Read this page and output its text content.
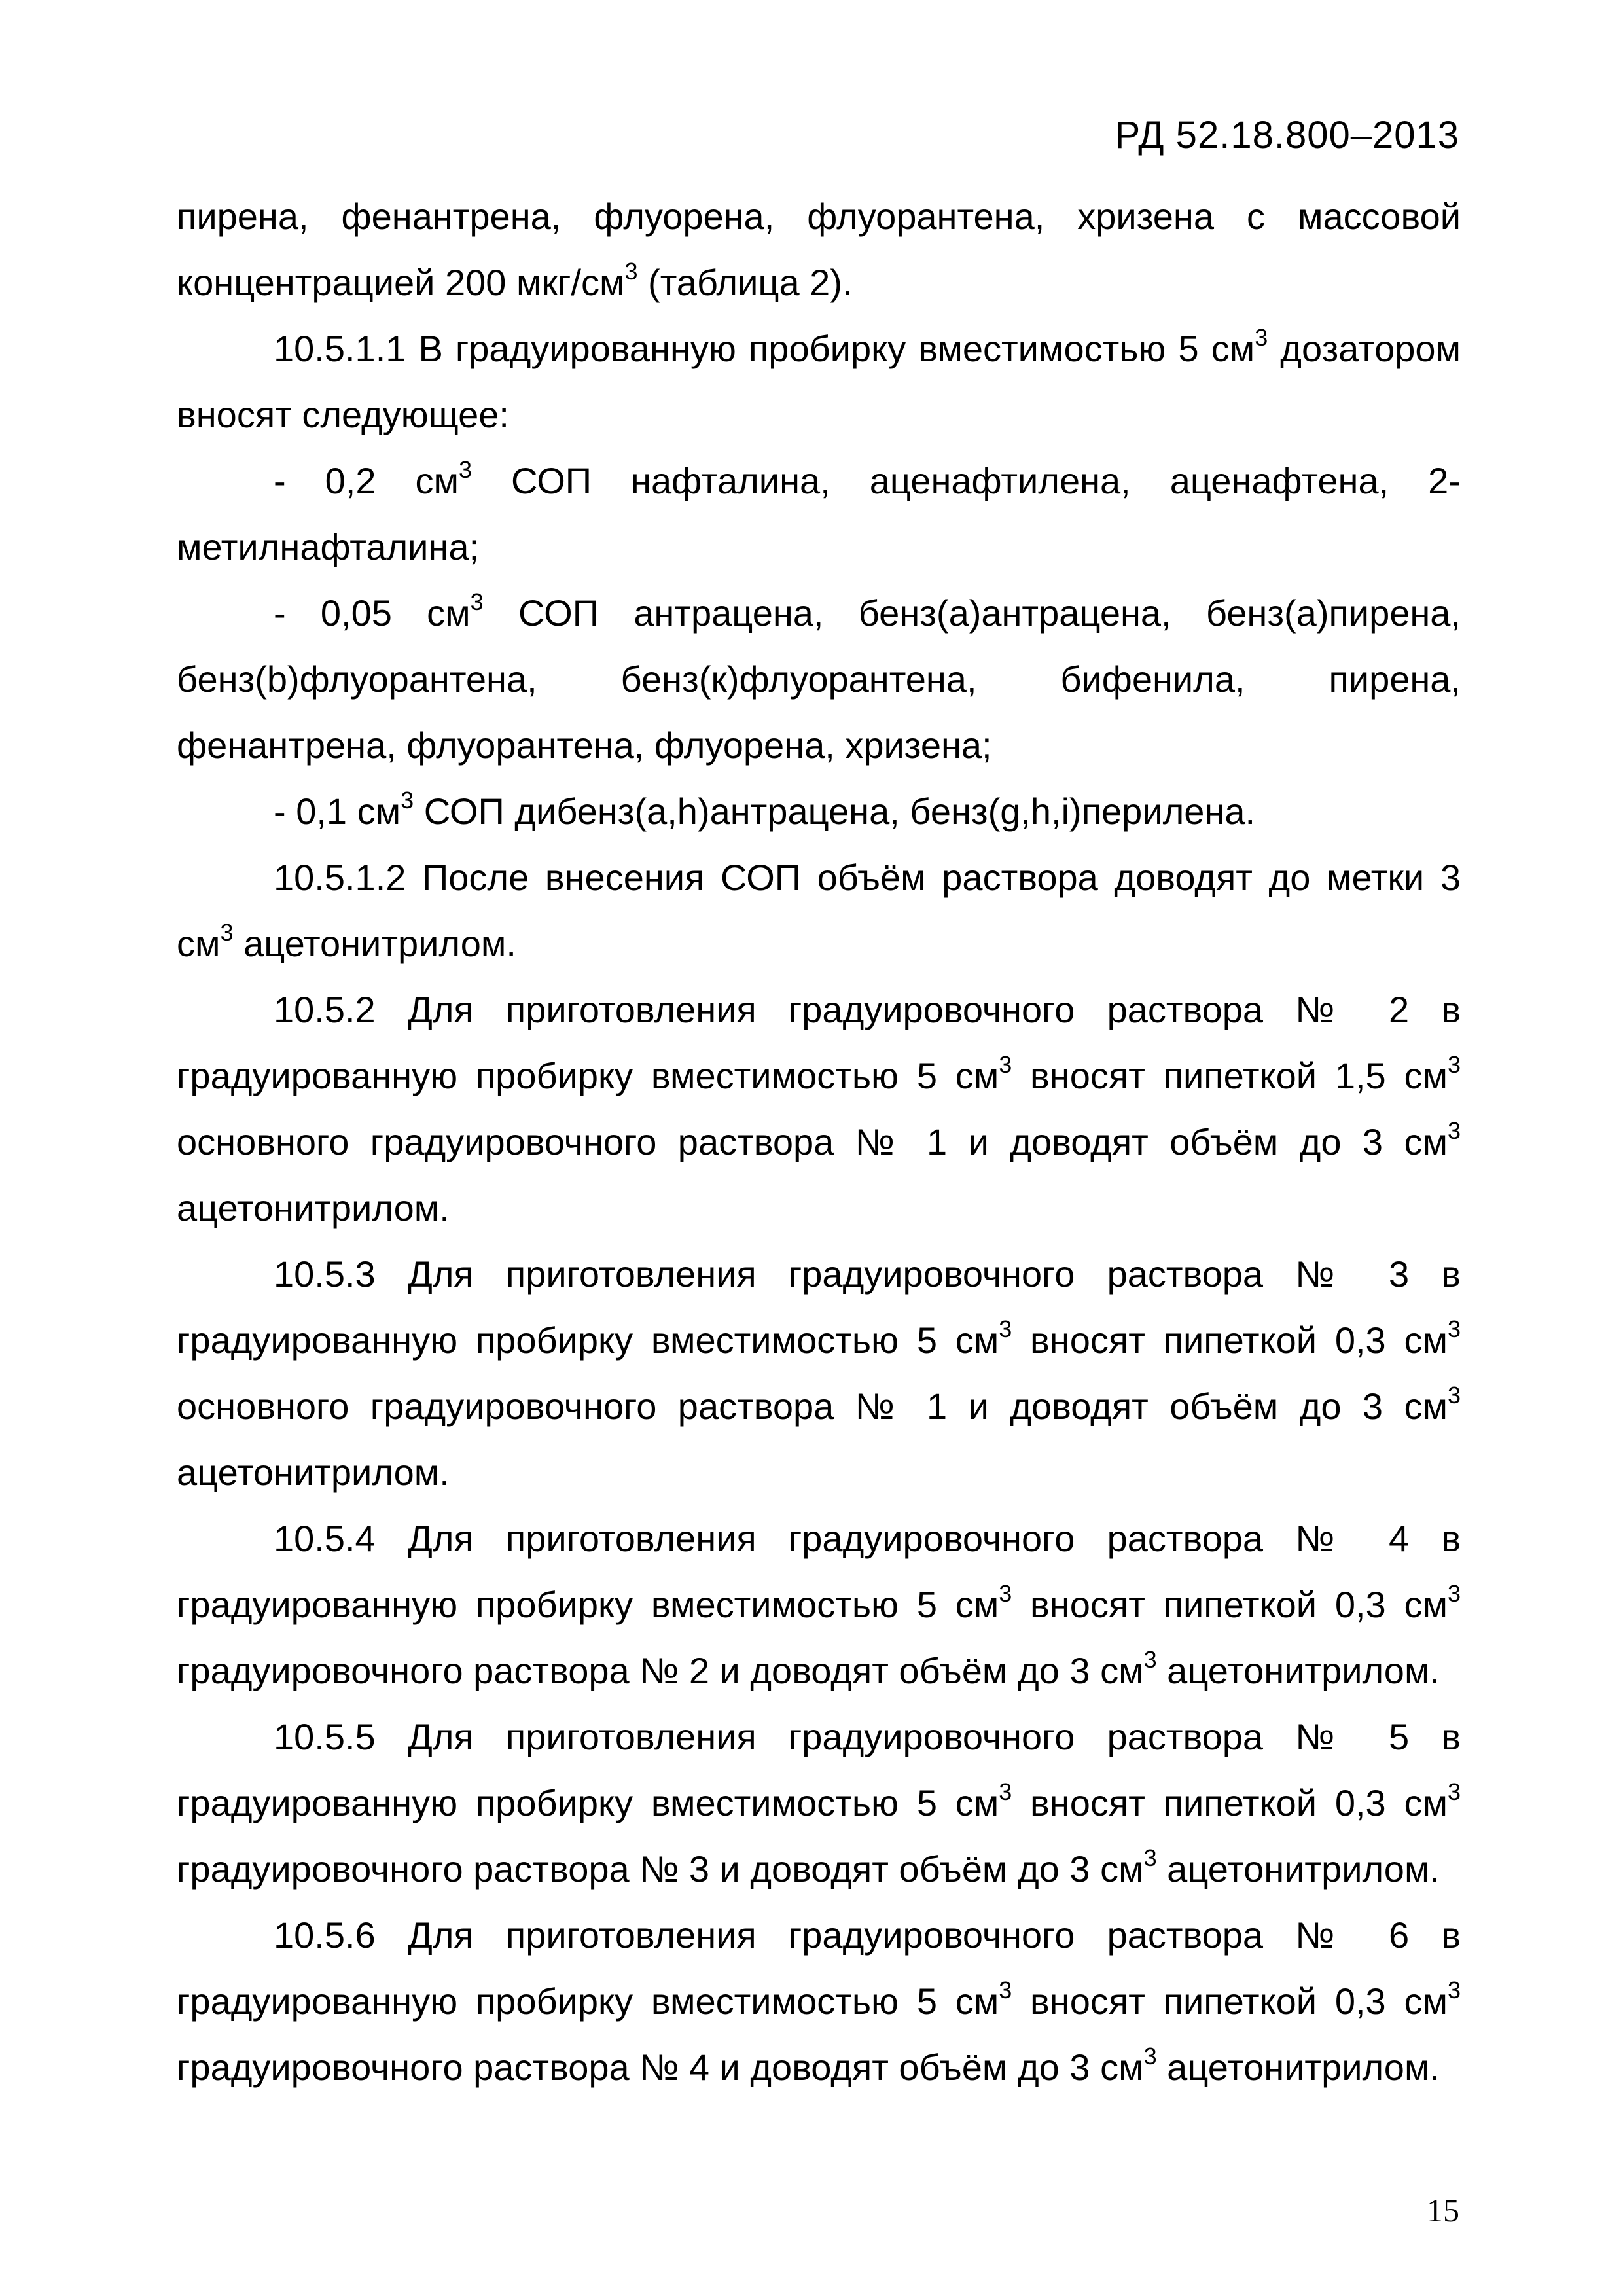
РД 52.18.800–2013

пирена, фенантрена, флуорена, флуорантена, хризена с массовой концентрацией 200 мкг/$см^3$ (таблица 2).

10.5.1.1 В градуированную пробирку вместимостью 5 $см^3$ дозатором вносят следующее:

- 0,2 $см^3$ СОП нафталина, аценафтилена, аценафтена, 2-метилнафталина;

- 0,05 $см^3$ СОП антрацена, бенз(a)антрацена, бенз(a)пирена, бенз(b)флуорантена, бенз(к)флуорантена, бифенила, пирена, фенантрена, флуорантена, флуорена, хризена;

- 0,1 $см^3$ СОП дибенз(a,h)антрацена, бенз(g,h,i)перилена.

10.5.1.2 После внесения СОП объём раствора доводят до метки 3 $см^3$ ацетонитрилом.

10.5.2 Для приготовления градуировочного раствора № 2 в градуированную пробирку вместимостью 5 $см^3$ вносят пипеткой 1,5 $см^3$ основного градуировочного раствора № 1 и доводят объём до 3 $см^3$ ацетонитрилом.

10.5.3 Для приготовления градуировочного раствора № 3 в градуированную пробирку вместимостью 5 $см^3$ вносят пипеткой 0,3 $см^3$ основного градуировочного раствора № 1 и доводят объём до 3 $см^3$ ацетонитрилом.

10.5.4 Для приготовления градуировочного раствора № 4 в градуированную пробирку вместимостью 5 $см^3$ вносят пипеткой 0,3 $см^3$ градуировочного раствора № 2 и доводят объём до 3 $см^3$ ацетонитрилом.

10.5.5 Для приготовления градуировочного раствора № 5 в градуированную пробирку вместимостью 5 $см^3$ вносят пипеткой 0,3 $см^3$ градуировочного раствора № 3 и доводят объём до 3 $см^3$ ацетонитрилом.

10.5.6 Для приготовления градуировочного раствора № 6 в градуированную пробирку вместимостью 5 $см^3$ вносят пипеткой 0,3 $см^3$ градуировочного раствора № 4 и доводят объём до 3 $см^3$ ацетонитрилом.

15
